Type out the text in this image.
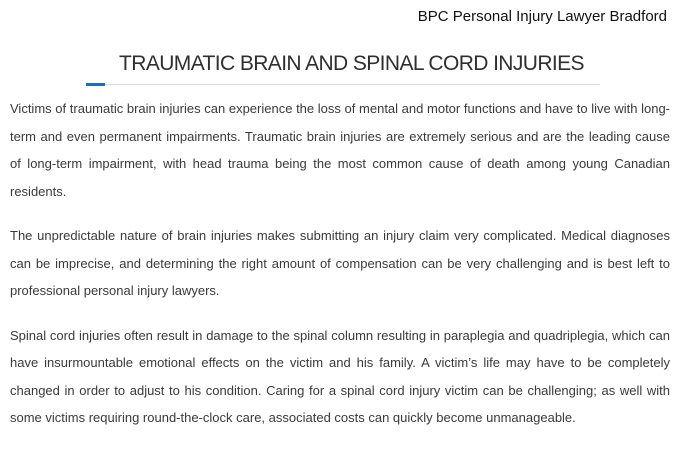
BPC Personal Injury Lawyer Bradford
TRAUMATIC BRAIN AND SPINAL CORD INJURIES

Victims of traumatic brain injuries can experience the loss of mental and motor functions and have to live with long-term and even permanent impairments. Traumatic brain injuries are extremely serious and are the leading cause of long-term impairment, with head trauma being the most common cause of death among young Canadian residents.

The unpredictable nature of brain injuries makes submitting an injury claim very complicated. Medical diagnoses can be imprecise, and determining the right amount of compensation can be very challenging and is best left to professional personal injury lawyers.

Spinal cord injuries often result in damage to the spinal column resulting in paraplegia and quadriplegia, which can have insurmountable emotional effects on the victim and his family. A victim’s life may have to be completely changed in order to adjust to his condition. Caring for a spinal cord injury victim can be challenging; as well with some victims requiring round-the-clock care, associated costs can quickly become unmanageable.
